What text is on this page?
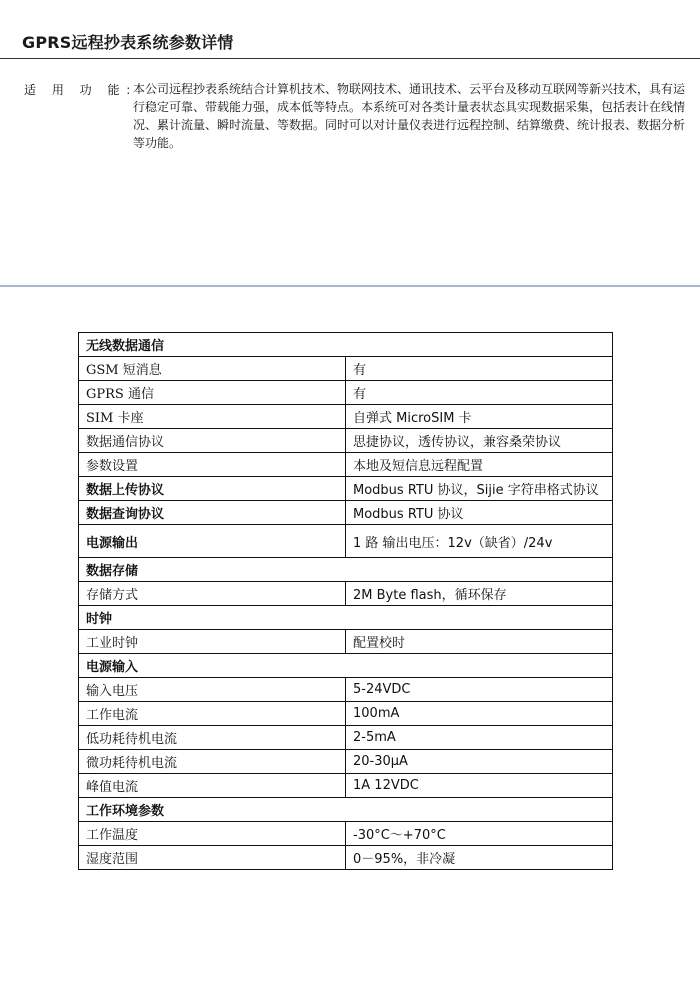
GPRS远程抄表系统参数详情
适 用 功 能：
本公司远程抄表系统结合计算机技术、物联网技术、通讯技术、云平台及移动互联网等新兴技术，具有运行稳定可靠、带载能力强，成本低等特点。本系统可对各类计量表状态具实现数据采集，包括表计在线情况、累计流量、瞬时流量、等数据。同时可以对计量仪表进行远程控制、结算缴费、统计报表、数据分析等功能。
无线数据通信	
GSM 短消息	有
GPRS 通信	有
SIM 卡座	自弹式 MicroSIM 卡
数据通信协议	思捷协议，透传协议，兼容桑荣协议
参数设置	本地及短信息远程配置
数据上传协议	Modbus RTU 协议，Sijie 字符串格式协议
数据查询协议	Modbus RTU 协议
电源输出	1 路 输出电压：12v（缺省）/24v
数据存储	
存储方式	2M Byte flash，循环保存
时钟	
工业时钟	配置校时
电源输入	
输入电压	5-24VDC
工作电流	100mA
低功耗待机电流	2-5mA
微功耗待机电流	20-30μA
峰值电流	1A 12VDC
工作环境参数	
工作温度	-30°C～+70°C
湿度范围	0－95%，非冷凝
